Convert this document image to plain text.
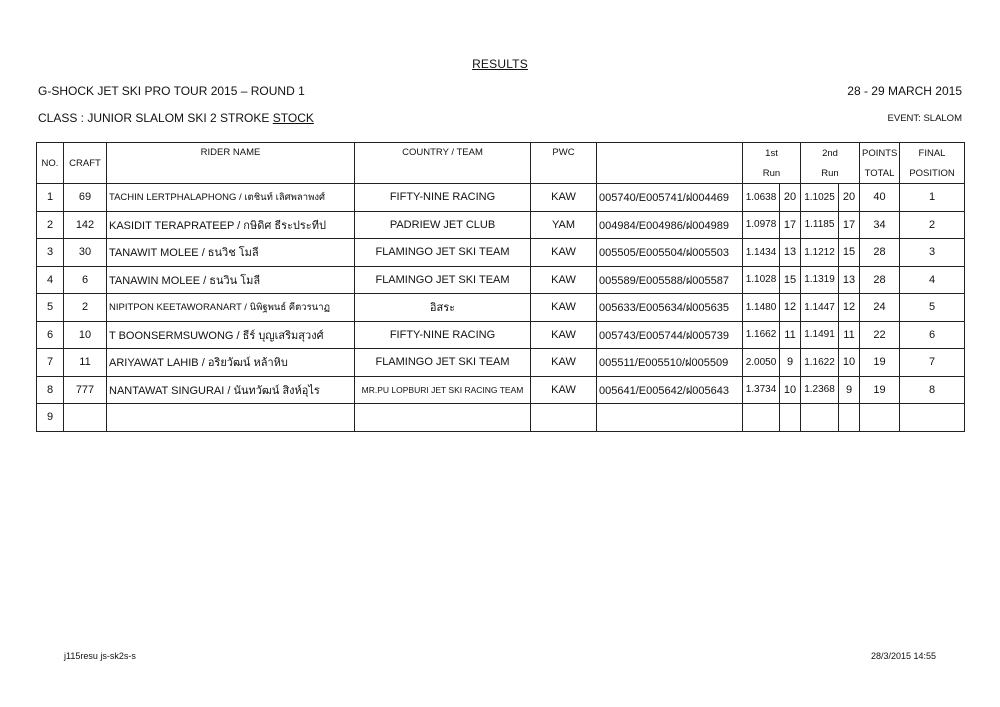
RESULTS
G-SHOCK JET SKI PRO TOUR 2015 – ROUND 1	28 - 29 MARCH 2015
CLASS : JUNIOR SLALOM SKI 2 STROKE STOCK	EVENT: SLALOM
NO.	CRAFT	RIDER NAME	COUNTRY / TEAM	PWC		1st		2nd		POINTS	FINAL
						Run		Run		TOTAL	POSITION
1	69	TACHIN LERTPHALAPHONG / เตชินท์ เลิศพลาพงศ์	FIFTY-NINE RACING	KAW	005740/E005741/ฝ004469	1.0638	20	1.1025	20	40	1
2	142	KASIDIT TERAPRATEEP / กษิดิศ ธีระประทีป	PADRIEW JET CLUB	YAM	004984/E004986/ฝ004989	1.0978	17	1.1185	17	34	2
3	30	TANAWIT MOLEE / ธนวิช โมลี	FLAMINGO JET SKI TEAM	KAW	005505/E005504/ฝ005503	1.1434	13	1.1212	15	28	3
4	6	TANAWIN MOLEE / ธนวิน โมลี	FLAMINGO JET SKI TEAM	KAW	005589/E005588/ฝ005587	1.1028	15	1.1319	13	28	4
5	2	NIPITPON KEETAWORANART / นิพิฐพนธ์ คีตวรนาฏ	อิสระ	KAW	005633/E005634/ฝ005635	1.1480	12	1.1447	12	24	5
6	10	T BOONSERMSUWONG / ธีร์ บุญเสริมสุวงศ์	FIFTY-NINE RACING	KAW	005743/E005744/ฝ005739	1.1662	11	1.1491	11	22	6
7	11	ARIYAWAT LAHIB / อริยวัฒน์ หล้าหิบ	FLAMINGO JET SKI TEAM	KAW	005511/E005510/ฝ005509	2.0050	9	1.1622	10	19	7
8	777	NANTAWAT SINGURAI / นันทวัฒน์ สิงห์อุไร	MR.PU LOPBURI JET SKI RACING TEAM	KAW	005641/E005642/ฝ005643	1.3734	10	1.2368	9	19	8
9											
j115resu js-sk2s-s	28/3/2015 14:55
